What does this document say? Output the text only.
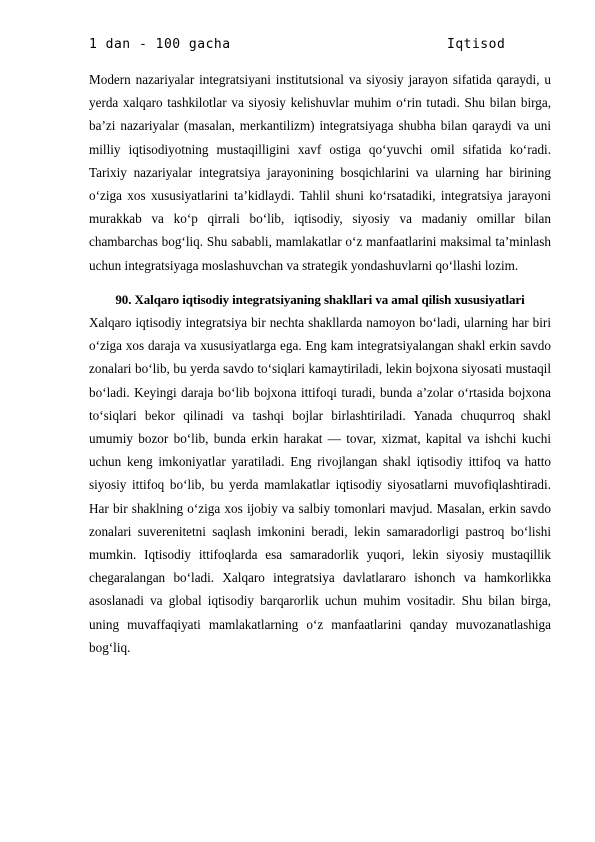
1 dan - 100 gacha	Iqtisod

Modern nazariyalar integratsiyani institutsional va siyosiy jarayon sifatida qaraydi, u yerda xalqaro tashkilotlar va siyosiy kelishuvlar muhim o‘rin tutadi. Shu bilan birga, ba’zi nazariyalar (masalan, merkantilizm) integratsiyaga shubha bilan qaraydi va uni milliy iqtisodiyotning mustaqilligini xavf ostiga qo‘yuvchi omil sifatida ko‘radi. Tarixiy nazariyalar integratsiya jarayonining bosqichlarini va ularning har birining o‘ziga xos xususiyatlarini ta’kidlaydi. Tahlil shuni ko‘rsatadiki, integratsiya jarayoni murakkab va ko‘p qirrali bo‘lib, iqtisodiy, siyosiy va madaniy omillar bilan chambarchas bog‘liq. Shu sababli, mamlakatlar o‘z manfaatlarini maksimal ta’minlash uchun integratsiyaga moslashuvchan va strategik yondashuvlarni qo‘llashi lozim.

90. Xalqaro iqtisodiy integratsiyaning shakllari va amal qilish xususiyatlari

Xalqaro iqtisodiy integratsiya bir nechta shakllarda namoyon bo‘ladi, ularning har biri o‘ziga xos daraja va xususiyatlarga ega. Eng kam integratsiyalangan shakl erkin savdo zonalari bo‘lib, bu yerda savdo to‘siqlari kamaytiriladi, lekin bojxona siyosati mustaqil bo‘ladi. Keyingi daraja bo‘lib bojxona ittifoqi turadi, bunda a’zolar o‘rtasida bojxona to‘siqlari bekor qilinadi va tashqi bojlar birlashtiriladi. Yanada chuqurroq shakl umumiy bozor bo‘lib, bunda erkin harakat — tovar, xizmat, kapital va ishchi kuchi uchun keng imkoniyatlar yaratiladi. Eng rivojlangan shakl iqtisodiy ittifoq va hatto siyosiy ittifoq bo‘lib, bu yerda mamlakatlar iqtisodiy siyosatlarni muvofiqlashtiradi. Har bir shaklning o‘ziga xos ijobiy va salbiy tomonlari mavjud. Masalan, erkin savdo zonalari suverenitetni saqlash imkonini beradi, lekin samaradorligi pastroq bo‘lishi mumkin. Iqtisodiy ittifoqlarda esa samaradorlik yuqori, lekin siyosiy mustaqillik chegaralangan bo‘ladi. Xalqaro integratsiya davlatlararo ishonch va hamkorlikka asoslanadi va global iqtisodiy barqarorlik uchun muhim vositadir. Shu bilan birga, uning muvaffaqiyati mamlakatlarning o‘z manfaatlarini qanday muvozanatlashiga bog‘liq.
